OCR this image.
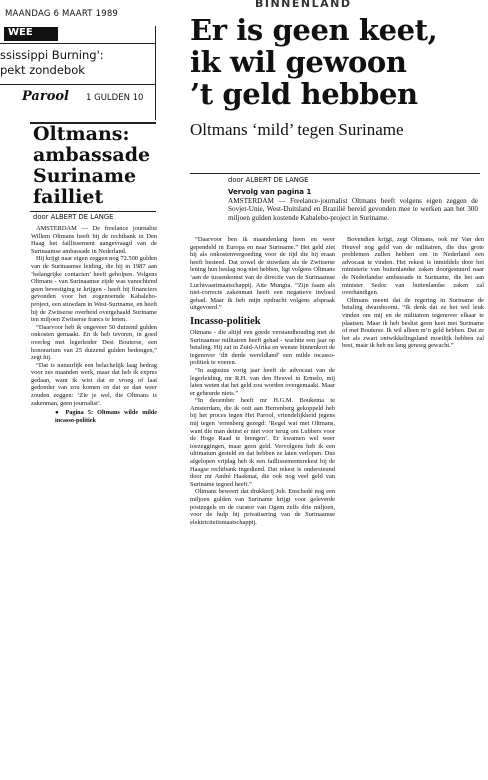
MAANDAG 6 MAART 1989
WEE
ssissippi Burning':
pekt zondebok
Parool 1 GULDEN 10
Oltmans: ambassade Suriname failliet
door ALBERT DE LANGE

AMSTERDAM — De freelance journalist Willem Oltmans heeft bij de rechtbank in Den Haag het faillissement aangevraagd van de Surinaamse ambassade in Nederland.

Hij krijgt naar eigen zeggen nog 72.500 gulden van de Surinaamse leiding, die hij in 1987 aan ‘belangrijke contacten’ heeft geholpen. Volgens Oltmans - van Surinaamse zijde was vanochtend geen bevestiging te krijgen - heeft hij financiers gevonden voor het zogenoemde Kabalebo-project, een stuwdam in West-Suriname, en heeft hij de Zwitserse overheid overgehaald Suriname ten miljoen Zwitserse francs te lenen.

“Daarvoor heb ik ongeveer 50 duizend gulden onkosten gemaakt. En ik heb tevoren, in goed overleg met legerleider Desi Bouterse, een honorarium van 25 duizend gulden bedongen,” zegt hij.

“Dat is natuurlijk een belachelijk laag bedrag voor zes maanden werk, maar dat heb ik expres gedaan, want ik wist dat er vroeg of laat gedonder van zou komen en dat ze dan weer zouden zeggen: ‘Zie je wel, die Oltmans is zakenman, geen journalist’.

● Pagina 5: Oltmans wilde milde incasso-politiek

BINNENLAND
Er is geen keet,
ik wil gewoon
’t geld hebben
Oltmans ‘mild’ tegen Suriname
door ALBERT DE LANGE
Vervolg van pagina 1

AMSTERDAM — Freelance-journalist Oltmans heeft volgens eigen zeggen de Sovjet-Unie, West-Duitsland en Brazilië bereid gevonden mee te werken aan het 300 miljoen gulden kostende Kabalebo-project in Suriname.

“Daarvoor ben ik maandenlang heen en weer gependeld in Europa en naar Suriname.” Het geld ziet hij als onkostenvergoeding voor de tijd die hij eraan heeft besteed. Dat zowel de stuwdam als de Zwitserse lening hun beslag nog niet hebben, ligt volgens Oltmans ‘aan de tussenkomst van de directie van de Surinaamse Luchtvaartmaatschappij. Atte Mungra. “Zijn faam als niet-correcte zakenman heeft een negatieve invloed gehad. Maar ik heb mijn opdracht volgens afspraak uitgevoerd.”

Incasso-politiek

Oltmans - die altijd een goede verstandhouding met de Surinaamse militairen heeft gehad - wachtte een jaar op betaling. Hij zat in Zuid-Afrika en wenste binnenkort de tegenover ‘dit derde wereldland’ een milde incasso-politiek te voeren.

“In augustus vorig jaar heeft de advocaat van de legerleiding, mr R.H. van den Heuvel in Ermelo, mij laten weten dat het geld zou worden overgemaakt. Maar er gebeurde niets.”

“In december heeft mr H.G.M. Boukema te Amsterdam, die ik ooit aan Herrenberg gekoppeld heb bij het proces tegen Het Parool, vriendelijkheid jegens mij tegen ‘errenberg gezegd: ‘Regel wat met Oltmans, want die man deinst er niet voor terug om Lubbers voor de Hoge Raad te brengen’. Er kwamen wel weer toezeggingen, maar geen geld. Vervolgens heb ik een ultimatum gesteld en dat hebben ze laten verlopen. Dus afgelopen vrijdag heb ik een faillissementsrekest bij de Haagse rechtbank ingediend. Dat rekest is ondersteund door mr André Haakmat, die ook nog veel geld van Suriname tegoed heeft.”

Oltmans beweert dat drukkerij Joh. Enschedé nog een miljoen gulden van Suriname krijgt voor geleverde postzegels en de curator van Ogem zelfs drie miljoen, voor de hulp bij privatisering van de Surinaamse elektriciteitsmaatschappij.

Bovendien krijgt, zegt Oltmans, ook mr Van den Heuvel nog geld van de militairen, die dus grote problemen zullen hebben om in Nederland een advocaat te vinden. Het rekest is inmiddels door het ministerie van buitenlandse zaken doorgestuurd naar de Nederlandse ambassade in Suriname, die het aan minister Sedoc van buitenlandse zaken zal overhandigen.

Oltmans meent dat de regering in Suriname de betaling dwarsboomt. “Ik denk dat ze het wel leuk vinden om mij en de militairen tegenover elkaar te plaatsen. Maar ik heb beslist geen keet met Suriname of met Bouterse. Ik wil alleen m’n geld hebben. Dat ze het als zwart ontwikkelingsland moeilijk hebben zal best, maar ik heb nu lang genoeg gewacht.”
